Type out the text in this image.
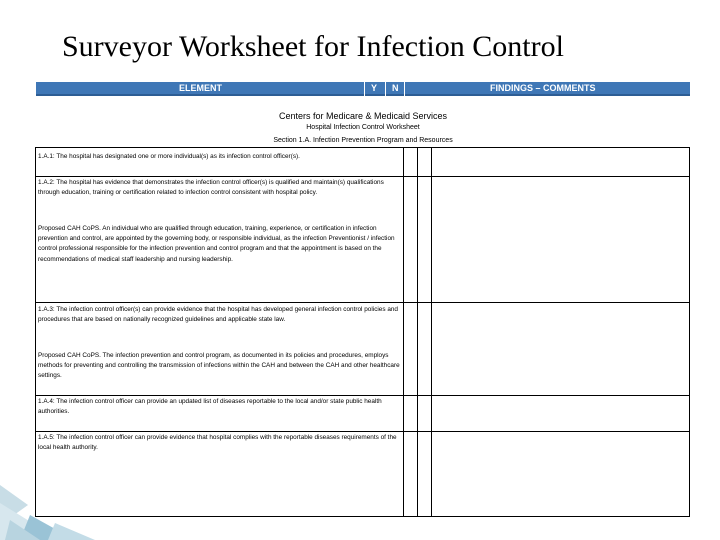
Surveyor Worksheet for Infection Control
ELEMENT	Y N	FINDINGS – COMMENTS
Centers for Medicare & Medicaid Services
Hospital Infection Control Worksheet
Section 1.A. Infection Prevention Program and Resources
1.A.1: The hospital has designated one or more individual(s) as its infection control officer(s).
1.A.2: The hospital has evidence that demonstrates the infection control officer(s) is qualified and maintain(s) qualifications through education, training or certification related to infection control consistent with hospital policy.
Proposed CAH CoPS. An individual who are qualified through education, training, experience, or certification in infection prevention and control, are appointed by the governing body, or responsible individual, as the infection Preventionist / infection control professional responsible for the infection prevention and control program and that the appointment is based on the recommendations of medical staff leadership and nursing leadership.
1.A.3: The infection control officer(s) can provide evidence that the hospital has developed general infection control policies and procedures that are based on nationally recognized guidelines and applicable state law.
Proposed CAH CoPS. The infection prevention and control program, as documented in its policies and procedures, employs methods for preventing and controlling the transmission of infections within the CAH and between the CAH and other healthcare settings.
1.A.4: The infection control officer can provide an updated list of diseases reportable to the local and/or state public health authorities.
1.A.5: The infection control officer can provide evidence that hospital complies with the reportable diseases requirements of the local health authority.
